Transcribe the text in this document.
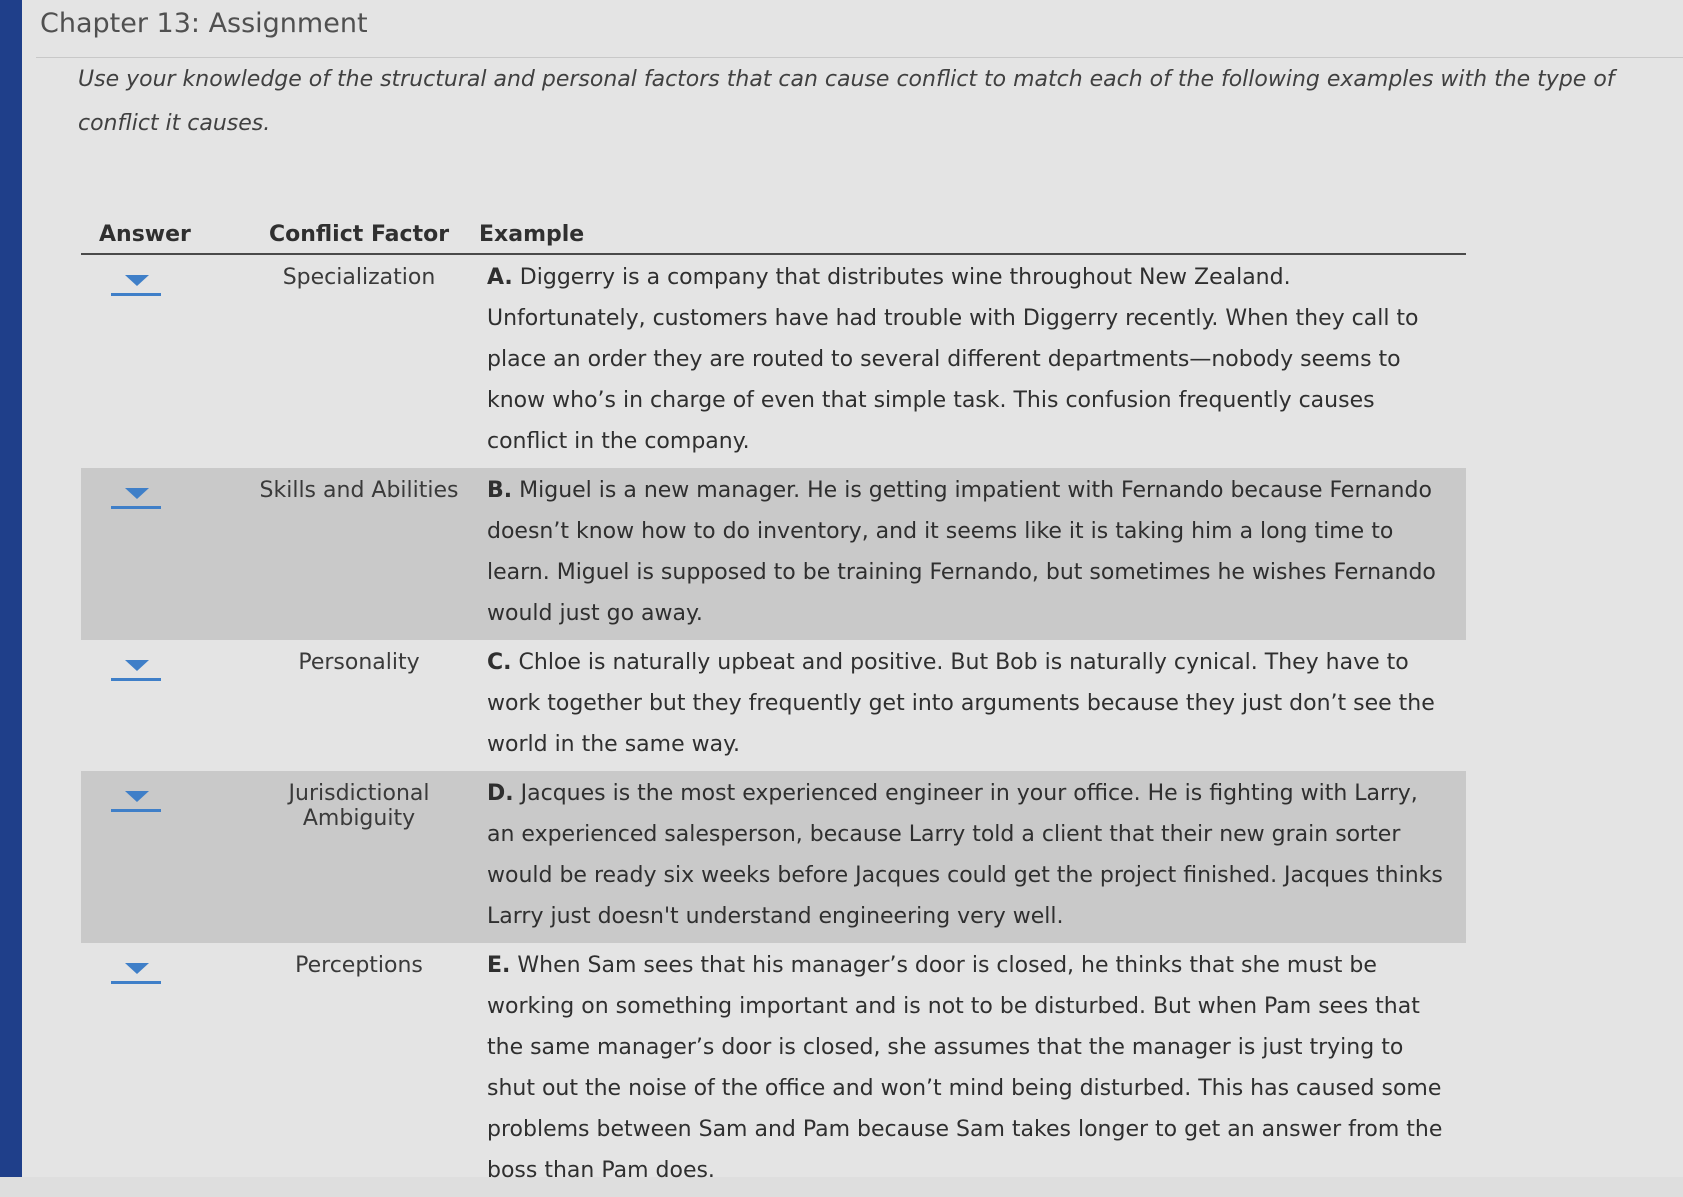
Chapter 13: Assignment
Use your knowledge of the structural and personal factors that can cause conflict to match each of the following examples with the type of conflict it causes.
Answer	Conflict Factor	Example

	Specialization	A. Diggerry is a company that distributes wine throughout New Zealand. Unfortunately, customers have had trouble with Diggerry recently. When they call to place an order they are routed to several different departments—nobody seems to know who’s in charge of even that simple task. This confusion frequently causes conflict in the company.

	Skills and Abilities	B. Miguel is a new manager. He is getting impatient with Fernando because Fernando doesn’t know how to do inventory, and it seems like it is taking him a long time to learn. Miguel is supposed to be training Fernando, but sometimes he wishes Fernando would just go away.

	Personality	C. Chloe is naturally upbeat and positive. But Bob is naturally cynical. They have to work together but they frequently get into arguments because they just don’t see the world in the same way.

	Jurisdictional Ambiguity	D. Jacques is the most experienced engineer in your office. He is fighting with Larry, an experienced salesperson, because Larry told a client that their new grain sorter would be ready six weeks before Jacques could get the project finished. Jacques thinks Larry just doesn't understand engineering very well.

	Perceptions	E. When Sam sees that his manager’s door is closed, he thinks that she must be working on something important and is not to be disturbed. But when Pam sees that the same manager’s door is closed, she assumes that the manager is just trying to shut out the noise of the office and won’t mind being disturbed. This has caused some problems between Sam and Pam because Sam takes longer to get an answer from the boss than Pam does.
